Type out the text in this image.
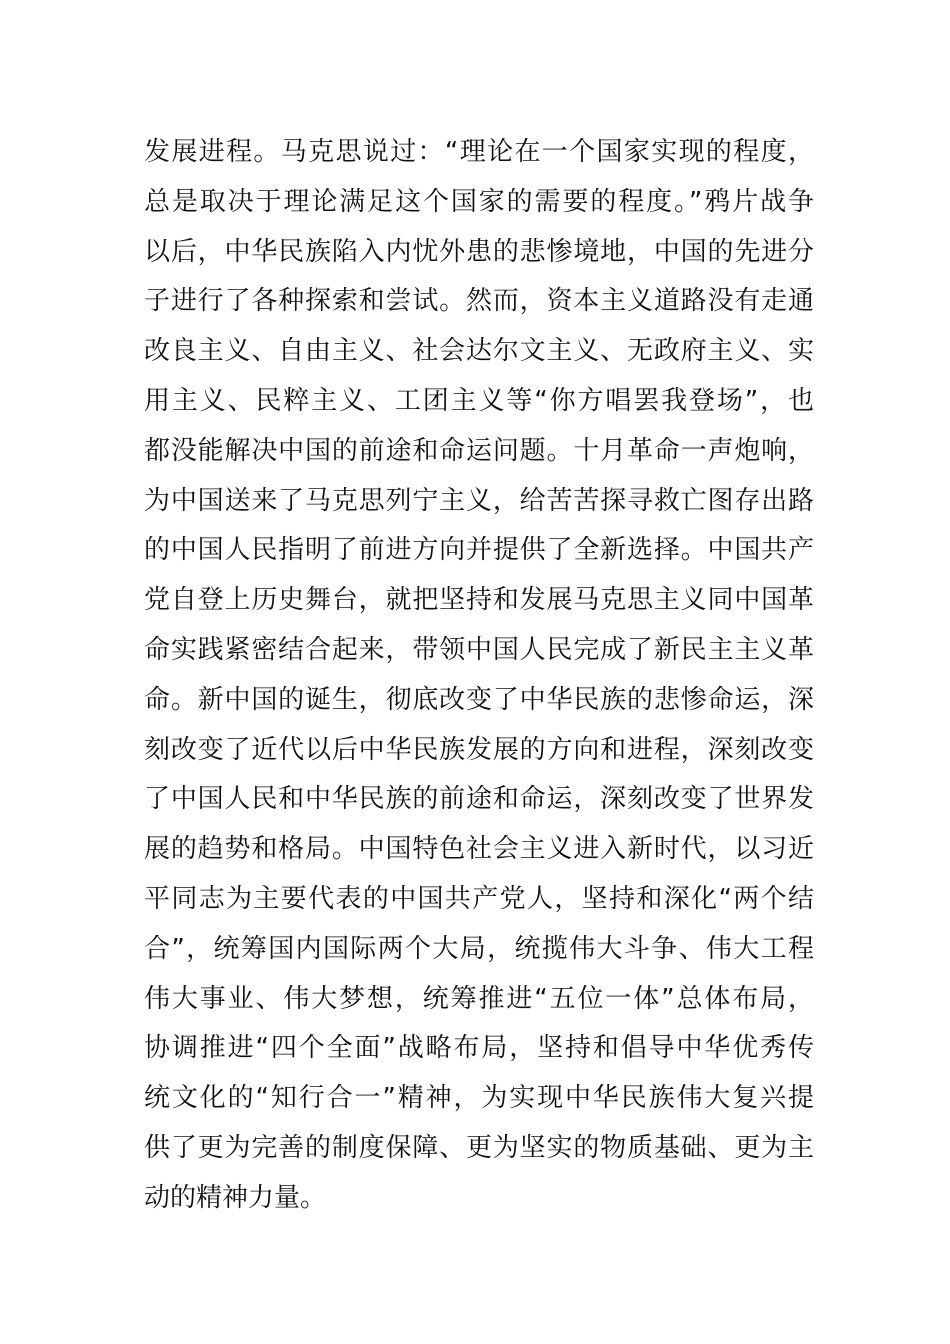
发展进程。马克思说过：“理论在一个国家实现的程度，
总是取决于理论满足这个国家的需要的程度。”鸦片战争
以后，中华民族陷入内忧外患的悲惨境地，中国的先进分
子进行了各种探索和尝试。然而，资本主义道路没有走通
改良主义、自由主义、社会达尔文主义、无政府主义、实
用主义、民粹主义、工团主义等“你方唱罢我登场”，也
都没能解决中国的前途和命运问题。十月革命一声炮响，
为中国送来了马克思列宁主义，给苦苦探寻救亡图存出路
的中国人民指明了前进方向并提供了全新选择。中国共产
党自登上历史舞台，就把坚持和发展马克思主义同中国革
命实践紧密结合起来，带领中国人民完成了新民主主义革
命。新中国的诞生，彻底改变了中华民族的悲惨命运，深
刻改变了近代以后中华民族发展的方向和进程，深刻改变
了中国人民和中华民族的前途和命运，深刻改变了世界发
展的趋势和格局。中国特色社会主义进入新时代，以习近
平同志为主要代表的中国共产党人，坚持和深化“两个结
合”，统筹国内国际两个大局，统揽伟大斗争、伟大工程
伟大事业、伟大梦想，统筹推进“五位一体”总体布局，
协调推进“四个全面”战略布局，坚持和倡导中华优秀传
统文化的“知行合一”精神，为实现中华民族伟大复兴提
供了更为完善的制度保障、更为坚实的物质基础、更为主
动的精神力量。
